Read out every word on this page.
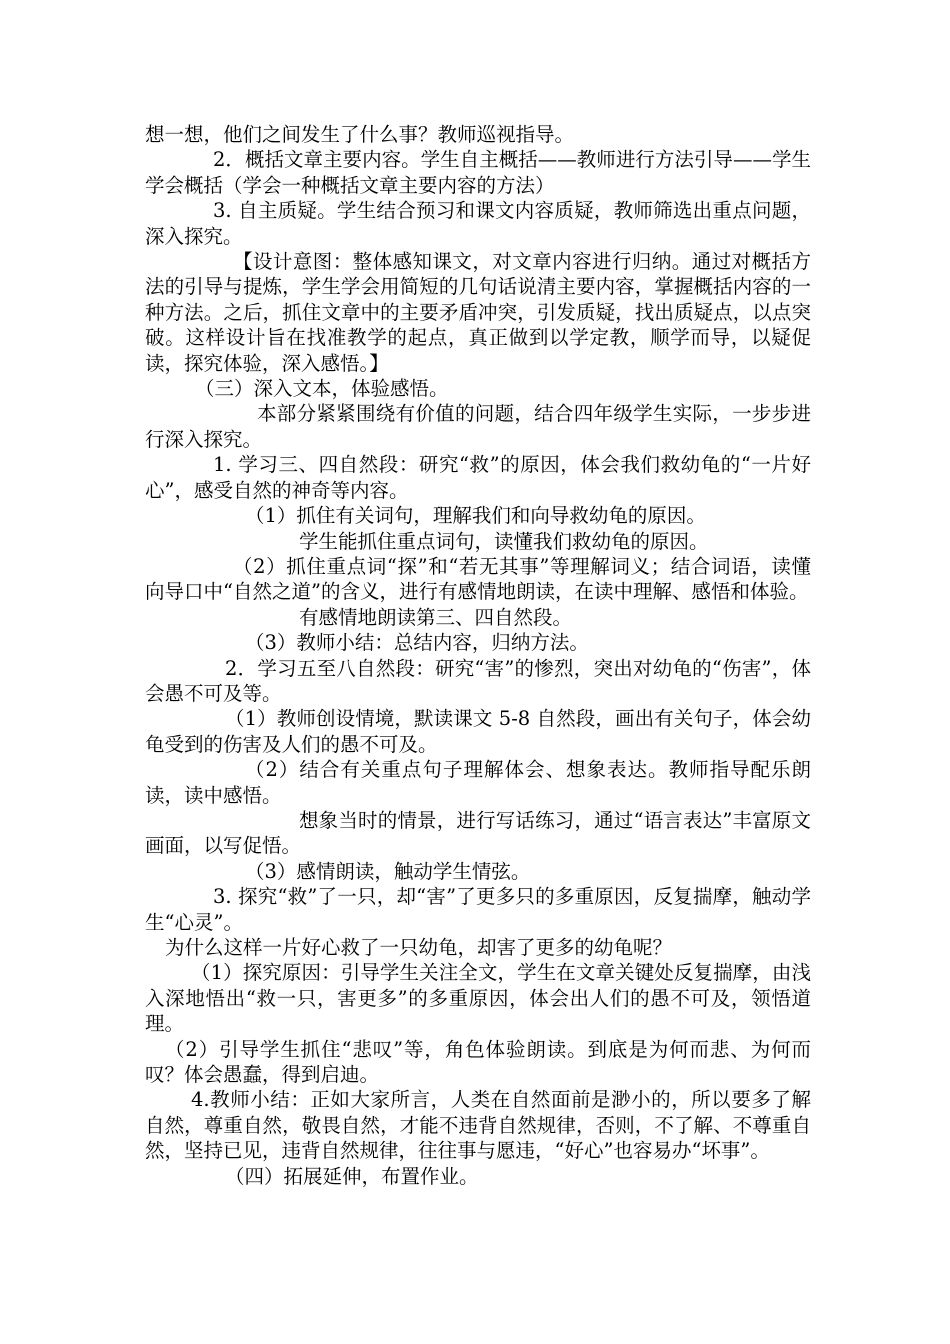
想一想，他们之间发生了什么事？教师巡视指导。

2．概括文章主要内容。学生自主概括——教师进行方法引导——学生学会概括（学会一种概括文章主要内容的方法）

3. 自主质疑。学生结合预习和课文内容质疑，教师筛选出重点问题，深入探究。

【设计意图：整体感知课文，对文章内容进行归纳。通过对概括方法的引导与提炼，学生学会用简短的几句话说清主要内容，掌握概括内容的一种方法。之后，抓住文章中的主要矛盾冲突，引发质疑，找出质疑点，以点突破。这样设计旨在找准教学的起点，真正做到以学定教，顺学而导，以疑促读，探究体验，深入感悟。】

（三）深入文本，体验感悟。

本部分紧紧围绕有价值的问题，结合四年级学生实际，一步步进行深入探究。

1. 学习三、四自然段：研究“救”的原因，体会我们救幼龟的“一片好心”，感受自然的神奇等内容。

（1）抓住有关词句，理解我们和向导救幼龟的原因。

学生能抓住重点词句，读懂我们救幼龟的原因。

（2）抓住重点词“探”和“若无其事”等理解词义；结合词语，读懂向导口中“自然之道”的含义，进行有感情地朗读，在读中理解、感悟和体验。

有感情地朗读第三、四自然段。

（3）教师小结：总结内容，归纳方法。

2．学习五至八自然段：研究“害”的惨烈，突出对幼龟的“伤害”，体会愚不可及等。

（1）教师创设情境，默读课文 5-8 自然段，画出有关句子，体会幼龟受到的伤害及人们的愚不可及。

（2）结合有关重点句子理解体会、想象表达。教师指导配乐朗读，读中感悟。

想象当时的情景，进行写话练习，通过“语言表达”丰富原文画面，以写促悟。

（3）感情朗读，触动学生情弦。

3. 探究“救”了一只，却“害”了更多只的多重原因，反复揣摩，触动学生“心灵”。

为什么这样一片好心救了一只幼龟，却害了更多的幼龟呢？

（1）探究原因：引导学生关注全文，学生在文章关键处反复揣摩，由浅入深地悟出“救一只，害更多”的多重原因，体会出人们的愚不可及，领悟道理。

（2）引导学生抓住“悲叹”等，角色体验朗读。到底是为何而悲、为何而叹？体会愚蠢，得到启迪。

4.教师小结：正如大家所言，人类在自然面前是渺小的，所以要多了解自然，尊重自然，敬畏自然，才能不违背自然规律，否则，不了解、不尊重自然，坚持已见，违背自然规律，往往事与愿违，“好心”也容易办“坏事”。

（四）拓展延伸，布置作业。
